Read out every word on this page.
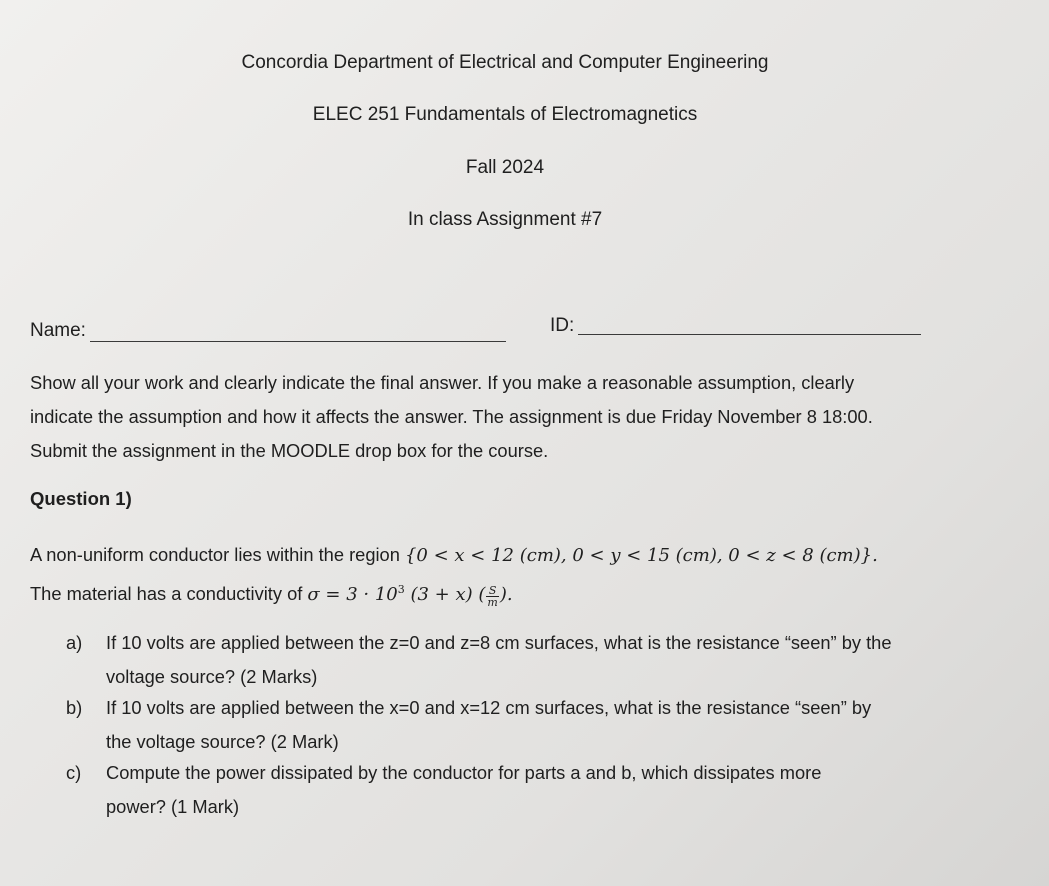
Concordia Department of Electrical and Computer Engineering

ELEC 251 Fundamentals of Electromagnetics

Fall 2024

In class Assignment #7

Name:	ID:
Show all your work and clearly indicate the final answer. If you make a reasonable assumption, clearly
indicate the assumption and how it affects the answer. The assignment is due Friday November 8 18:00.
Submit the assignment in the MOODLE drop box for the course.
Question 1)
A non-uniform conductor lies within the region {0 < x < 12 (cm), 0 < y < 15 (cm), 0 < z < 8 (cm)}.
The material has a conductivity of $\sigma = 3 \cdot 10^3$ (3 + x) ( $\frac{S}{m}$ ).
a) If 10 volts are applied between the z=0 and z=8 cm surfaces, what is the resistance “seen” by the
voltage source? (2 Marks)
b) If 10 volts are applied between the x=0 and x=12 cm surfaces, what is the resistance “seen” by
the voltage source? (2 Mark)
c) Compute the power dissipated by the conductor for parts a and b, which dissipates more
power? (1 Mark)
